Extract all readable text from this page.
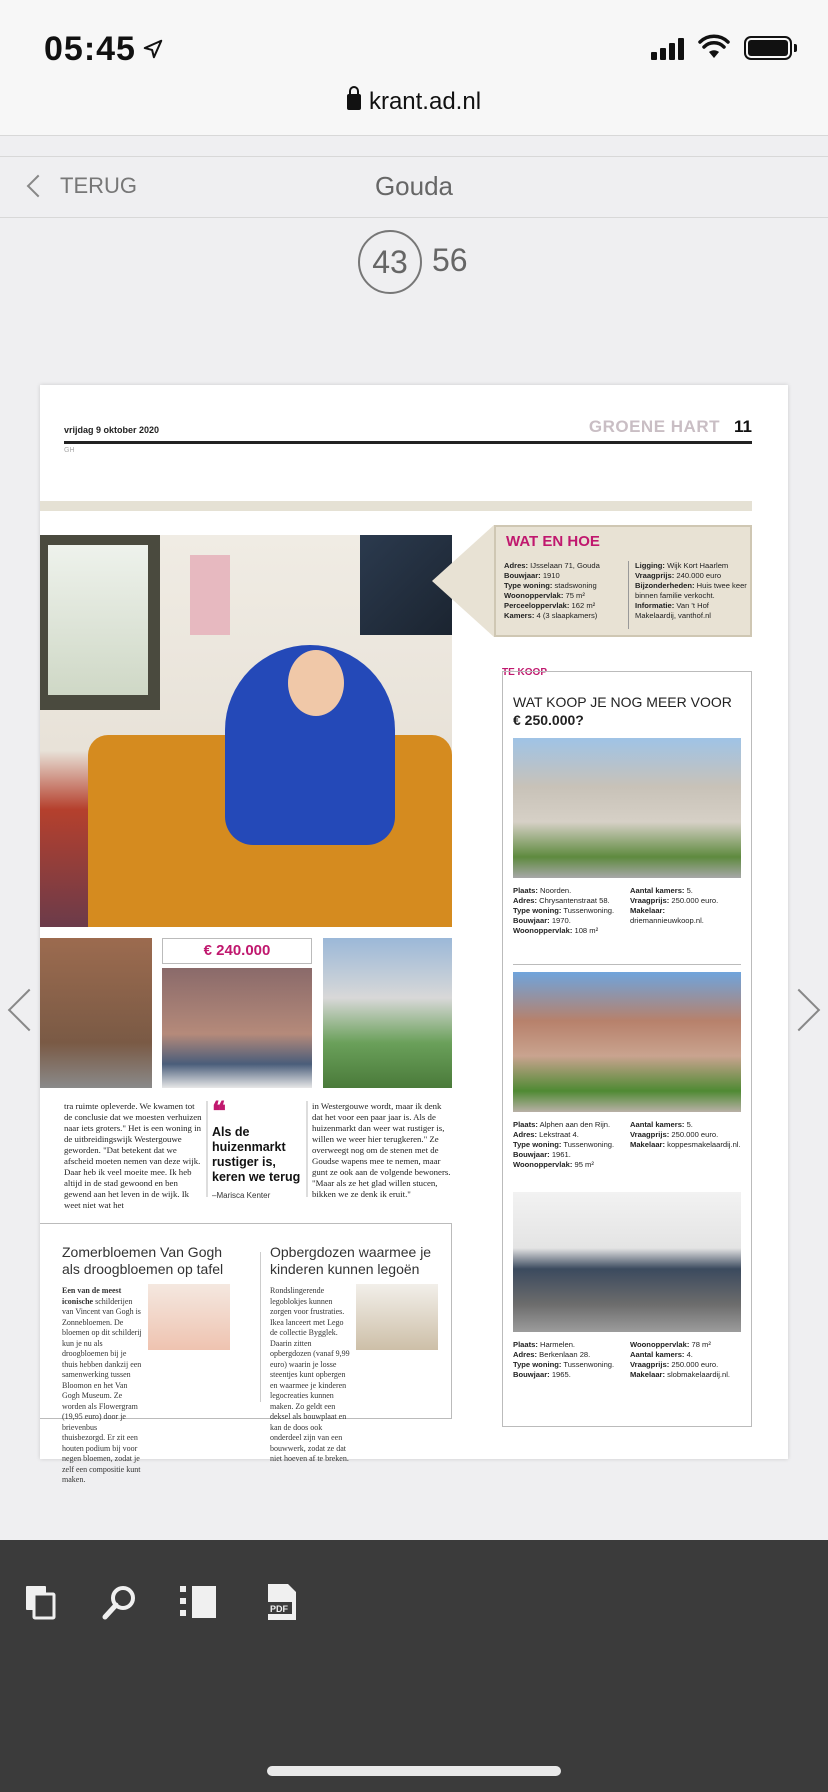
05:45
krant.ad.nl
TERUG	Gouda
43 56
vrijdag 9 oktober 2020
GH
GROENE HART 11
€ 240.000
tra ruimte opleverde. We kwamen tot de conclusie dat we moesten verhuizen naar iets groters." Het is een woning in de uitbreidingswijk Westergouwe geworden. "Dat betekent dat we afscheid moeten nemen van deze wijk. Daar heb ik veel moeite mee. Ik heb altijd in de stad gewoond en ben gewend aan het leven in de wijk. Ik weet niet wat het
❝
Als de huizenmarkt rustiger is, keren we terug
–Marisca Kenter
in Westergouwe wordt, maar ik denk dat het voor een paar jaar is. Als de huizenmarkt dan weer wat rustiger is, willen we weer hier terugkeren." Ze overweegt nog om de stenen met de Goudse wapens mee te nemen, maar gunt ze ook aan de volgende bewoners. "Maar als ze het glad willen stucen, bikken we ze denk ik eruit."
Zomerbloemen Van Gogh als droogbloemen op tafel
Een van de meest iconische schilderijen van Vincent van Gogh is Zonnebloemen. De bloemen op dit schilderij kun je nu als droogbloemen bij je thuis hebben dankzij een samenwerking tussen Bloomon en het Van Gogh Museum. Ze worden als Flowergram (19,95 euro) door je brievenbus thuisbezorgd. Er zit een houten podium bij voor negen bloemen, zodat je zelf een compositie kunt maken.
Opbergdozen waarmee je kinderen kunnen legoën
Rondslingerende legoblokjes kunnen zorgen voor frustraties. Ikea lanceert met Lego de collectie Bygglek. Daarin zitten opbergdozen (vanaf 9,99 euro) waarin je losse steentjes kunt opbergen en waarmee je kinderen legocreaties kunnen maken. Zo geldt een deksel als bouwplaat en kan de doos ook onderdeel zijn van een bouwwerk, zodat ze dat niet hoeven af te breken.
WAT EN HOE
Adres: IJsselaan 71, Gouda
Bouwjaar: 1910
Type woning: stadswoning
Woonoppervlak: 75 m²
Perceeloppervlak: 162 m²
Kamers: 4 (3 slaapkamers)
Ligging: Wijk Kort Haarlem
Vraagprijs: 240.000 euro
Bijzonderheden: Huis twee keer binnen familie verkocht.
Informatie: Van 't Hof Makelaardij, vanthof.nl
TE KOOP
WAT KOOP JE NOG MEER VOOR
€ 250.000?
Plaats: Noorden.
Adres: Chrysantenstraat 58.
Type woning: Tussenwoning.
Bouwjaar: 1970.
Woonoppervlak: 108 m²
Aantal kamers: 5.
Vraagprijs: 250.000 euro.
Makelaar: driemannieuwkoop.nl.
Plaats: Alphen aan den Rijn.
Adres: Lekstraat 4.
Type woning: Tussenwoning.
Bouwjaar: 1961.
Woonoppervlak: 95 m²
Aantal kamers: 5.
Vraagprijs: 250.000 euro.
Makelaar: koppesmakelaardij.nl.
Plaats: Harmelen.
Adres: Berkenlaan 28.
Type woning: Tussenwoning.
Bouwjaar: 1965.
Woonoppervlak: 78 m²
Aantal kamers: 4.
Vraagprijs: 250.000 euro.
Makelaar: slobmakelaardij.nl.
PDF
